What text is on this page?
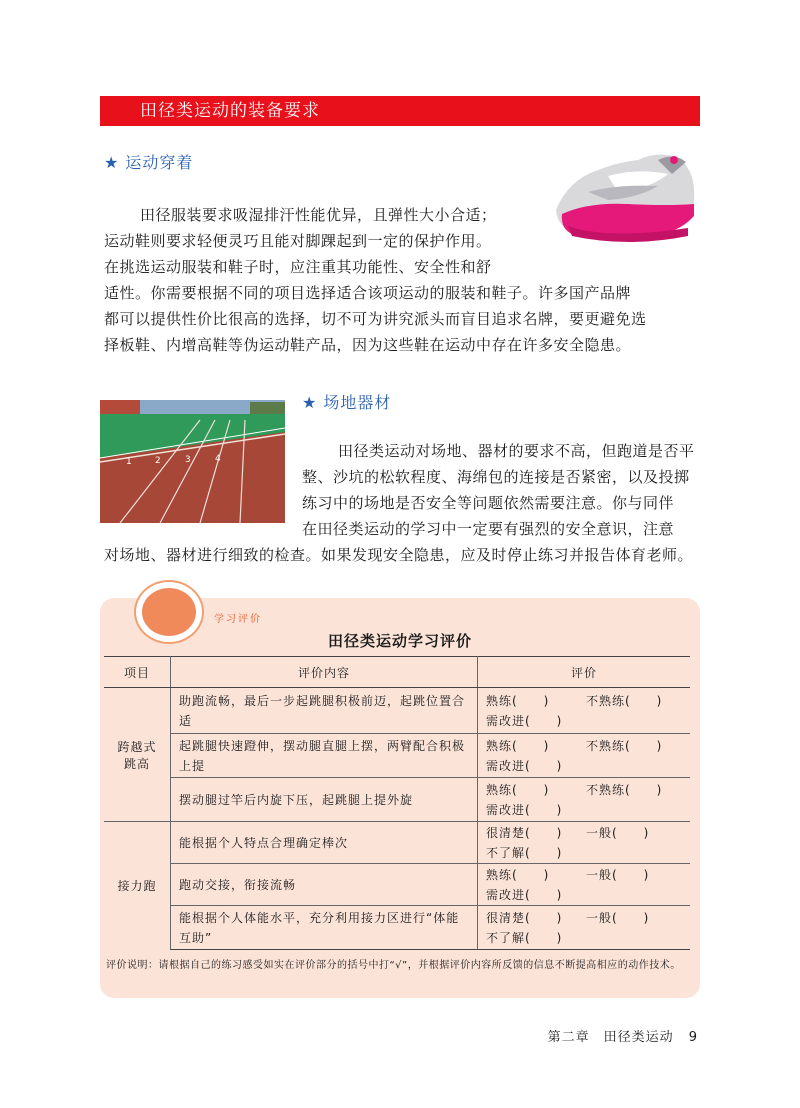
田径类运动的装备要求
★ 运动穿着

田径服装要求吸湿排汗性能优异，且弹性大小合适；

运动鞋则要求轻便灵巧且能对脚踝起到一定的保护作用。

在挑选运动服装和鞋子时，应注重其功能性、安全性和舒

适性。你需要根据不同的项目选择适合该项运动的服装和鞋子。许多国产品牌

都可以提供性价比很高的选择，切不可为讲究派头而盲目追求名牌，要更避免选

择板鞋、内增高鞋等伪运动鞋产品，因为这些鞋在运动中存在许多安全隐患。

1	2	3	4
★ 场地器材

田径类运动对场地、器材的要求不高，但跑道是否平

整、沙坑的松软程度、海绵包的连接是否紧密，以及投掷

练习中的场地是否安全等问题依然需要注意。你与同伴

在田径类运动的学习中一定要有强烈的安全意识，注意

对场地、器材进行细致的检查。如果发现安全隐患，应及时停止练习并报告体育老师。

学习评价
田径类运动学习评价
项目	评价内容	评价
跨越式跳高	助跑流畅，最后一步起跳腿积极前迈，起跳位置合适	熟练(　　) 不熟练(　　)
需改进(　　)
	起跳腿快速蹬伸，摆动腿直腿上摆，两臂配合积极上提	熟练(　　) 不熟练(　　)
需改进(　　)
	摆动腿过竿后内旋下压，起跳腿上提外旋	熟练(　　) 不熟练(　　)
需改进(　　)
接力跑	能根据个人特点合理确定棒次	很清楚(　　) 一般(　　)
不了解(　　)
	跑动交接，衔接流畅	熟练(　　) 一般(　　)
需改进(　　)
	能根据个人体能水平，充分利用接力区进行“体能互助”	很清楚(　　) 一般(　　)
不了解(　　)
评价说明：请根据自己的练习感受如实在评价部分的括号中打“√”，并根据评价内容所反馈的信息不断提高相应的动作技术。
第二章　田径类运动 9
